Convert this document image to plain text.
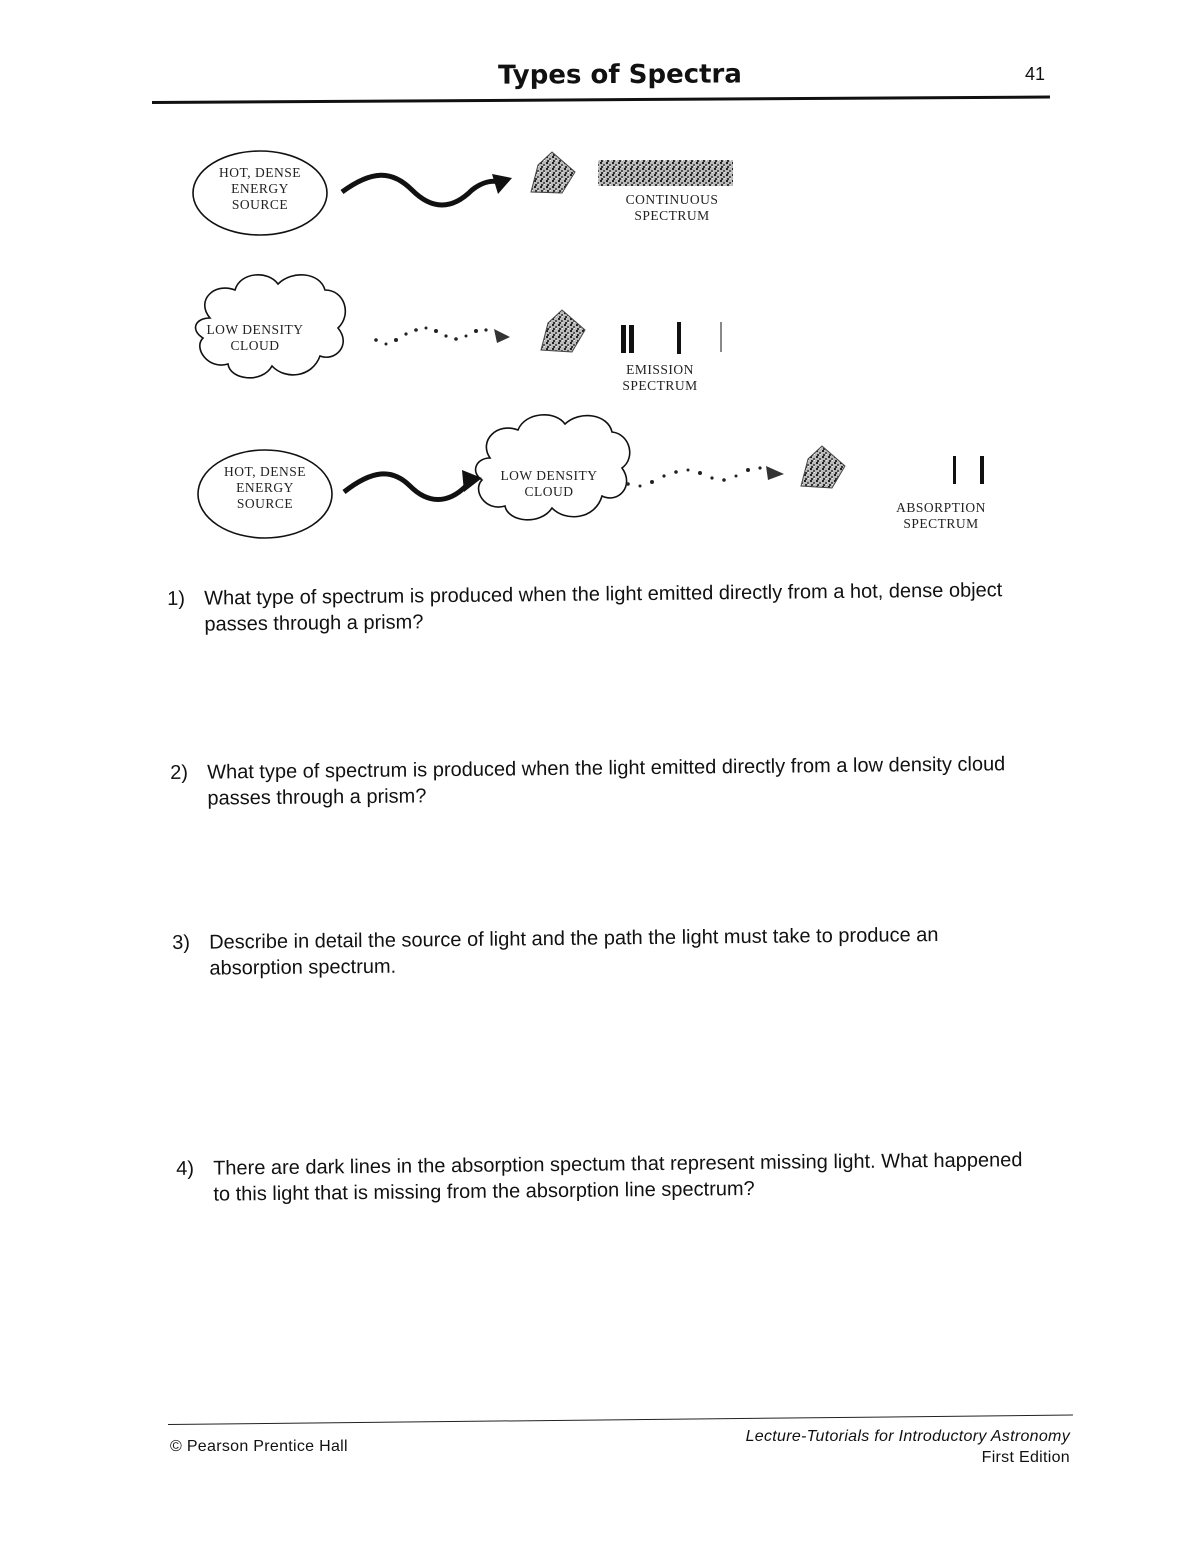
Types of Spectra	41
HOT, DENSE
ENERGY
SOURCE	CONTINUOUS
SPECTRUM
LOW DENSITY
CLOUD
EMISSION
SPECTRUM
HOT, DENSE
ENERGY
SOURCE
LOW DENSITY
CLOUD
ABSORPTION
SPECTRUM
1) What type of spectrum is produced when the light emitted directly from a hot, dense object passes through a prism?
2) What type of spectrum is produced when the light emitted directly from a low density cloud passes through a prism?
3) Describe in detail the source of light and the path the light must take to produce an absorption spectrum.
4) There are dark lines in the absorption spectum that represent missing light. What happened to this light that is missing from the absorption line spectrum?
© Pearson Prentice Hall
Lecture-Tutorials for Introductory Astronomy
First Edition
